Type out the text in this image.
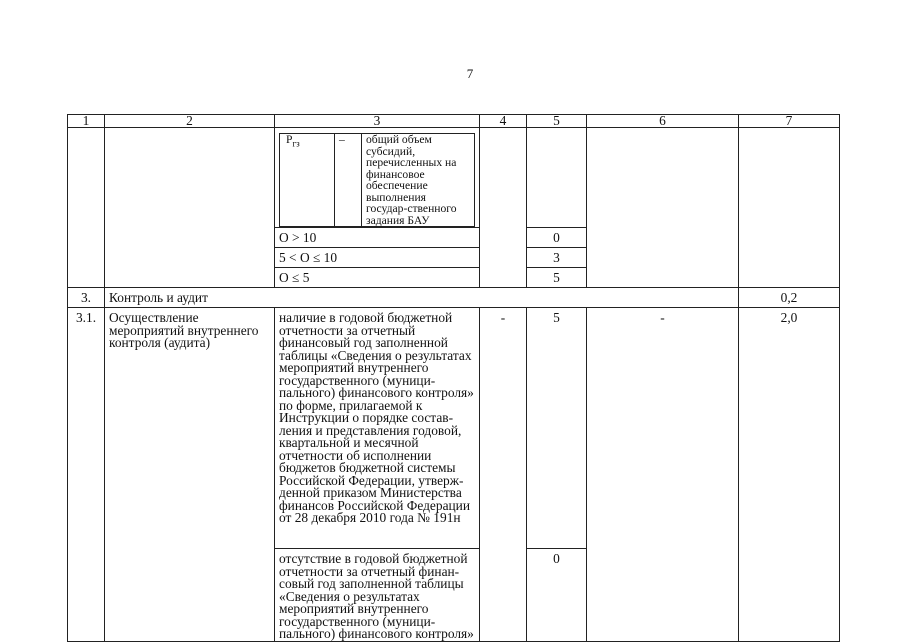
7
1	2	3	4	5	6	7

$P_{гз}$	–	общий объем субсидий, перечисленных на финансовое обеспечение выполнения государ-ственного задания БАУ

O > 10	0
5 < O ≤ 10	3
O ≤ 5	5
3.	Контроль и аудит	0,2
3.1.	Осуществление мероприятий внутреннего контроля (аудита)	наличие в годовой бюджетной отчетности за отчетный финансовый год заполненной таблицы «Сведения о результатах мероприятий внутреннего государственного (муници-пального) финансового контроля» по форме, прилагаемой к Инструкции о порядке состав-ления и представления годовой, квартальной и месячной отчетности об исполнении бюджетов бюджетной системы Российской Федерации, утверж-денной приказом Министерства финансов Российской Федерации от 28 декабря 2010 года № 191н	-	5	-	2,0
отсутствие в годовой бюджетной отчетности за отчетный финан-совый год заполненной таблицы «Сведения о результатах мероприятий внутреннего государственного (муници-пального) финансового контроля»	0
